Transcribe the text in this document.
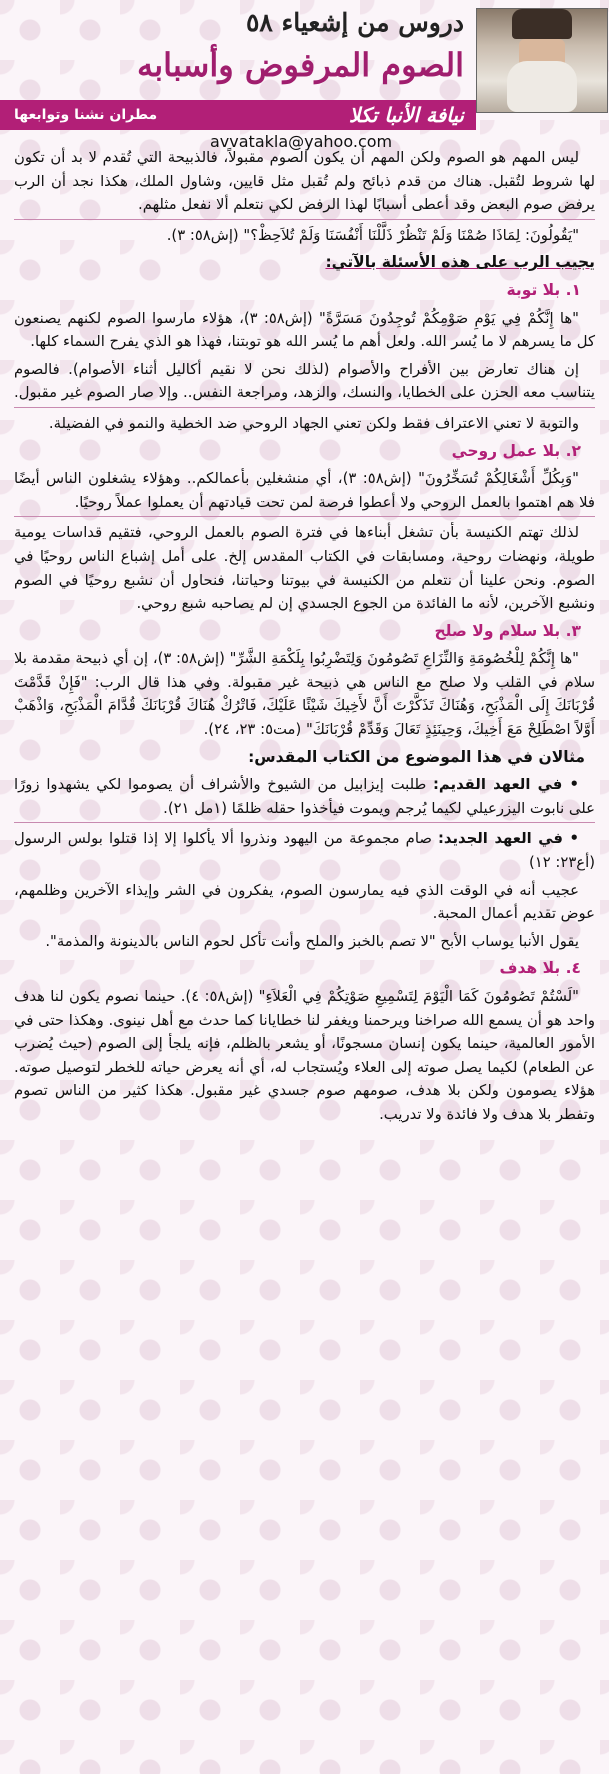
دروس من إشعياء ٥٨
الصوم المرفوض وأسبابه
نيافة الأنبا تكلا
مطران نشنا وتوابعها
avvatakla@yahoo.com

ليس المهم هو الصوم ولكن المهم أن يكون الصوم مقبولاً، فالذبيحة التي تُقدم لا بد أن تكون لها شروط لتُقبل. هناك من قدم ذبائح ولم تُقبل مثل قايين، وشاول الملك، هكذا نجد أن الرب يرفض صوم البعض وقد أعطى أسبابًا لهذا الرفض لكي نتعلم ألا نفعل مثلهم.

"يَقُولُونَ: لِمَاذَا صُمْنَا وَلَمْ تَنْظُرْ ذَلَّلْنَا أَنْفُسَنَا وَلَمْ تُلاَحِظْ؟" (إش٥٨: ٣).

يجيب الرب على هذه الأسئلة بالآتي:

١. بلا توبة

"ها إِنَّكُمْ فِي يَوْمِ صَوْمِكُمْ تُوجِدُونَ مَسَرَّةً" (إش٥٨: ٣)، هؤلاء مارسوا الصوم لكنهم يصنعون كل ما يسرهم لا ما يُسر الله. ولعل أهم ما يُسر الله هو توبتنا، فهذا هو الذي يفرح السماء كلها.

إن هناك تعارض بين الأفراح والأصوام (لذلك نحن لا نقيم أكاليل أثناء الأصوام). فالصوم يتناسب معه الحزن على الخطايا، والنسك، والزهد، ومراجعة النفس.. وإلا صار الصوم غير مقبول.

والتوبة لا تعني الاعتراف فقط ولكن تعني الجهاد الروحي ضد الخطية والنمو في الفضيلة.

٢. بلا عمل روحي

"وَبِكُلِّ أَشْغَالِكُمْ تُسَخِّرُونَ" (إش٥٨: ٣)، أي منشغلين بأعمالكم.. وهؤلاء يشغلون الناس أيضًا فلا هم اهتموا بالعمل الروحي ولا أعطوا فرصة لمن تحت قيادتهم أن يعملوا عملاً روحيًا.

لذلك تهتم الكنيسة بأن تشغل أبناءها في فترة الصوم بالعمل الروحي، فتقيم قداسات يومية طويلة، ونهضات روحية، ومسابقات في الكتاب المقدس إلخ. على أمل إشباع الناس روحيًا في الصوم. ونحن علينا أن نتعلم من الكنيسة في بيوتنا وحياتنا، فنحاول أن نشبع روحيًا في الصوم ونشبع الآخرين، لأنه ما الفائدة من الجوع الجسدي إن لم يصاحبه شبع روحي.

٣. بلا سلام ولا صلح

"ها إِنَّكُمْ لِلْخُصُومَةِ وَالنِّزَاعِ تَصُومُونَ وَلِتَضْرِبُوا بِلَكْمَةِ الشَّرِّ" (إش٥٨: ٣)، إن أي ذبيحة مقدمة بلا سلام في القلب ولا صلح مع الناس هي ذبيحة غير مقبولة. وفي هذا قال الرب: "فَإِنْ قَدَّمْتَ قُرْبَانَكَ إِلَى الْمَذْبَحِ، وَهُنَاكَ تَذَكَّرْتَ أَنَّ لأَخِيكَ شَيْئًا عَلَيْكَ، فَاتْرُكْ هُنَاكَ قُرْبَانَكَ قُدَّامَ الْمَذْبَحِ، وَاذْهَبْ أَوَّلاً اصْطَلِحْ مَعَ أَخِيكَ، وَحِينَئِذٍ تَعَالَ وَقَدِّمْ قُرْبَانَكَ" (مت٥: ٢٣، ٢٤).

مثالان في هذا الموضوع من الكتاب المقدس:

• في العهد القديم: طلبت إيزابيل من الشيوخ والأشراف أن يصوموا لكي يشهدوا زورًا على نابوت اليزرعيلي لكيما يُرجم ويموت فيأخذوا حقله ظلمًا (١مل ٢١).

• في العهد الجديد: صام مجموعة من اليهود ونذروا ألا يأكلوا إلا إذا قتلوا بولس الرسول (أع٢٣: ١٢)

عجيب أنه في الوقت الذي فيه يمارسون الصوم، يفكرون في الشر وإيذاء الآخرين وظلمهم، عوض تقديم أعمال المحبة.

يقول الأنبا يوساب الأبح "لا تصم بالخبز والملح وأنت تأكل لحوم الناس بالدينونة والمذمة".

٤. بلا هدف

"لَسْتُمْ تَصُومُونَ كَمَا الْيَوْمَ لِتَسْمِيعِ صَوْتِكُمْ فِي الْعَلاَءِ" (إش٥٨: ٤). حينما نصوم يكون لنا هدف واحد هو أن يسمع الله صراخنا ويرحمنا ويغفر لنا خطايانا كما حدث مع أهل نينوى. وهكذا حتى في الأمور العالمية، حينما يكون إنسان مسجونًا، أو يشعر بالظلم، فإنه يلجأ إلى الصوم (حيث يُضرب عن الطعام) لكيما يصل صوته إلى العلاء ويُستجاب له، أي أنه يعرض حياته للخطر لتوصيل صوته. هؤلاء يصومون ولكن بلا هدف، صومهم صوم جسدي غير مقبول. هكذا كثير من الناس تصوم وتفطر بلا هدف ولا فائدة ولا تدريب.
